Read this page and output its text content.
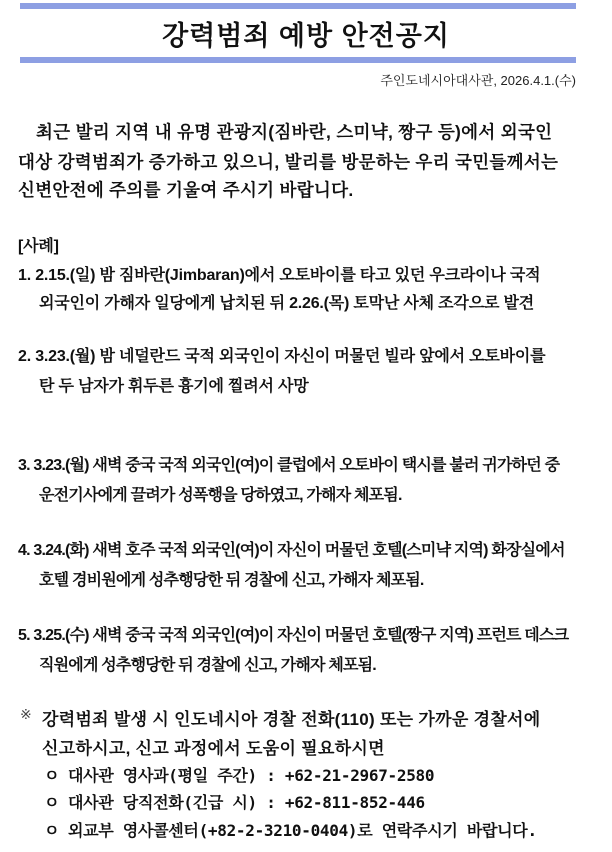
강력범죄 예방 안전공지
주인도네시아대사관, 2026.4.1.(수)
최근 발리 지역 내 유명 관광지(짐바란, 스미냑, 짱구 등)에서 외국인
대상 강력범죄가 증가하고 있으니, 발리를 방문하는 우리 국민들께서는
신변안전에 주의를 기울여 주시기 바랍니다.
[사례]
1. 2.15.(일) 밤 짐바란(Jimbaran)에서 오토바이를 타고 있던 우크라이나 국적
외국인이 가해자 일당에게 납치된 뒤 2.26.(목) 토막난 사체 조각으로 발견
2. 3.23.(월) 밤 네덜란드 국적 외국인이 자신이 머물던 빌라 앞에서 오토바이를
탄 두 남자가 휘두른 흉기에 찔려서 사망
3. 3.23.(월) 새벽 중국 국적 외국인(여)이 클럽에서 오토바이 택시를 불러 귀가하던 중
운전기사에게 끌려가 성폭행을 당하였고, 가해자 체포됨.
4. 3.24.(화) 새벽 호주 국적 외국인(여)이 자신이 머물던 호텔(스미냑 지역) 화장실에서
호텔 경비원에게 성추행당한 뒤 경찰에 신고, 가해자 체포됨.
5. 3.25.(수) 새벽 중국 국적 외국인(여)이 자신이 머물던 호텔(짱구 지역) 프런트 데스크
직원에게 성추행당한 뒤 경찰에 신고, 가해자 체포됨.
※ 강력범죄 발생 시 인도네시아 경찰 전화(110) 또는 가까운 경찰서에
신고하시고, 신고 과정에서 도움이 필요하시면
ㅇ 대사관 영사과(평일 주간) : +62-21-2967-2580
ㅇ 대사관 당직전화(긴급 시) : +62-811-852-446
ㅇ 외교부 영사콜센터(+82-2-3210-0404)로 연락주시기 바랍니다.
